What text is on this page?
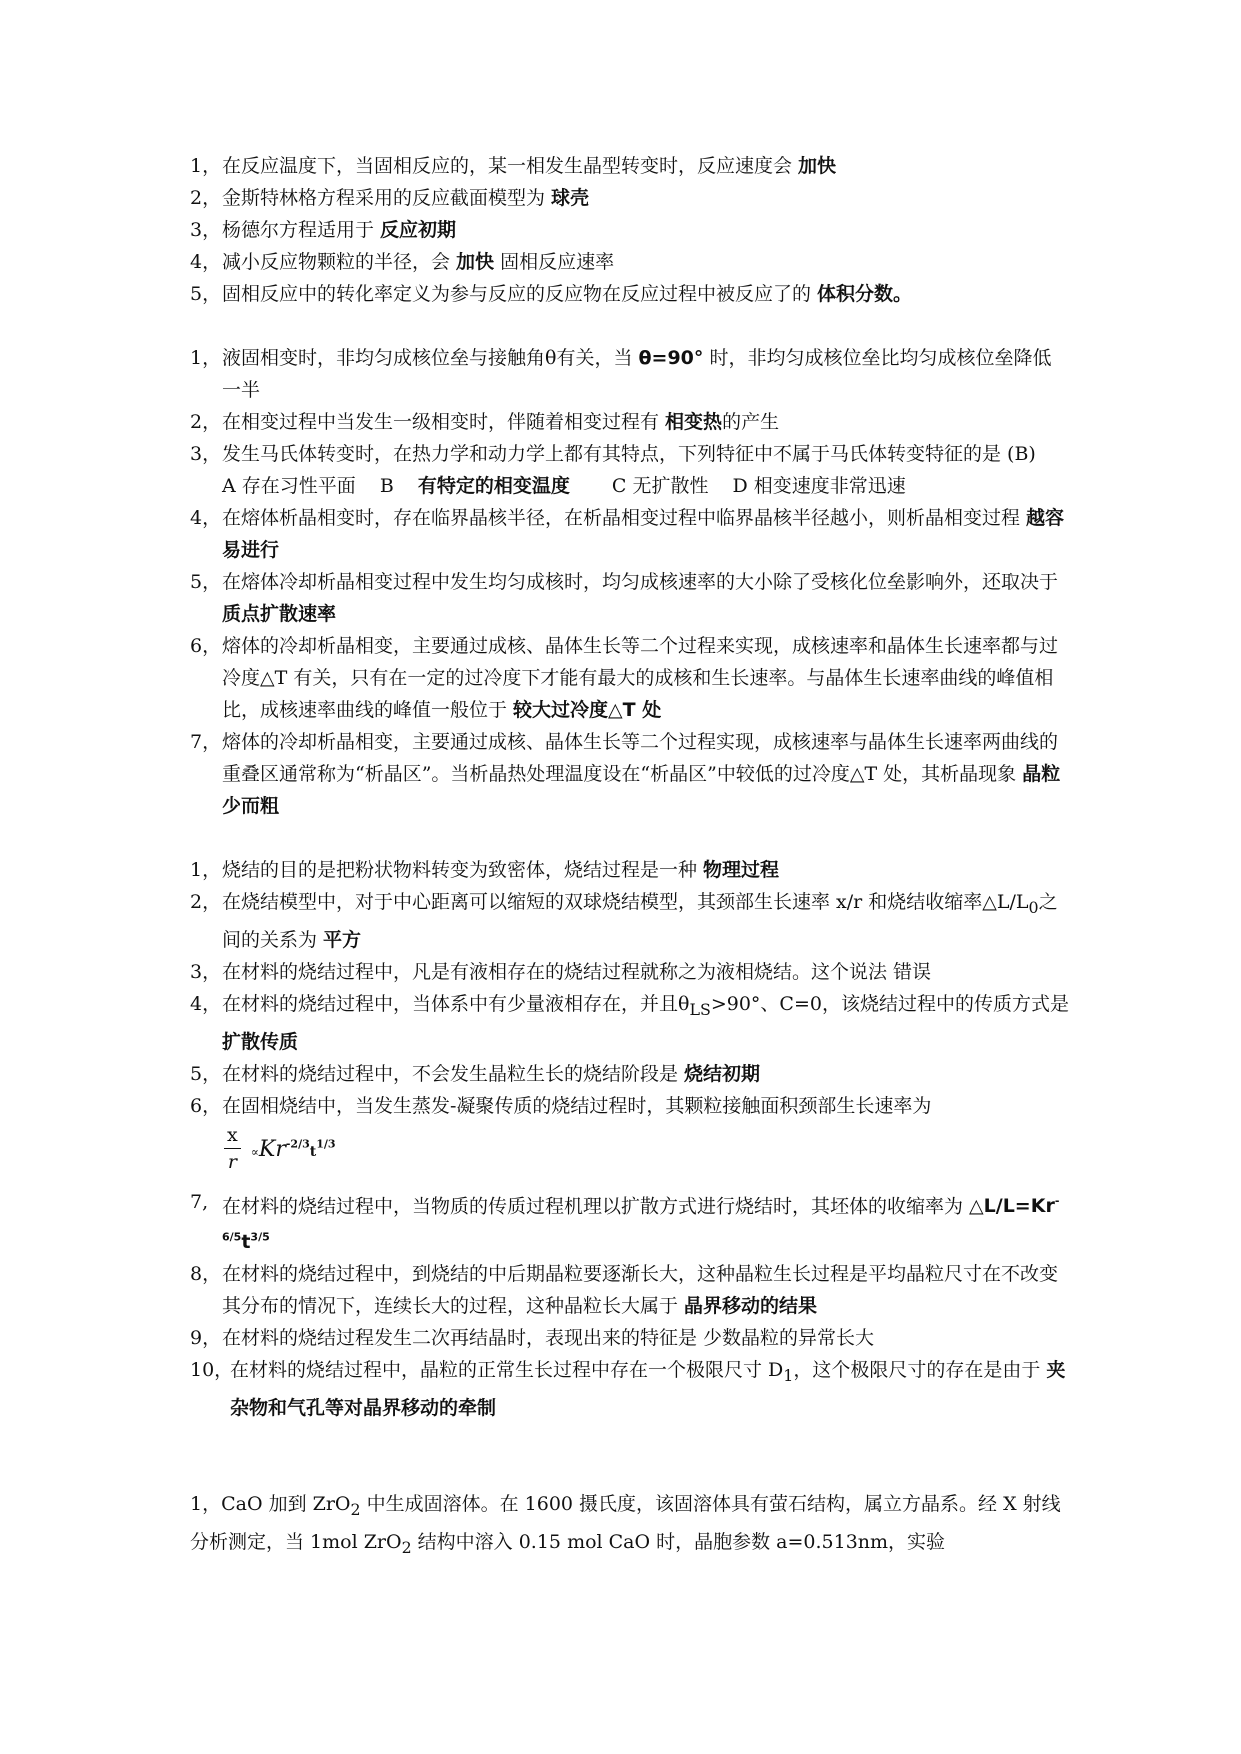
1， 在反应温度下，当固相反应的，某一相发生晶型转变时，反应速度会 加快
2， 金斯特林格方程采用的反应截面模型为 球壳
3， 杨德尔方程适用于 反应初期
4， 减小反应物颗粒的半径，会 加快 固相反应速率
5， 固相反应中的转化率定义为参与反应的反应物在反应过程中被反应了的 体积分数。
1， 液固相变时，非均匀成核位垒与接触角θ有关，当 θ=90° 时，非均匀成核位垒比均匀成核位垒降低一半
2， 在相变过程中当发生一级相变时，伴随着相变过程有 相变热的产生
3， 发生马氏体转变时，在热力学和动力学上都有其特点，下列特征中不属于马氏体转变特征的是 (B)
A 存在习性平面 B 有特定的相变温度 C 无扩散性 D 相变速度非常迅速
4， 在熔体析晶相变时，存在临界晶核半径，在析晶相变过程中临界晶核半径越小，则析晶相变过程 越容易进行
5， 在熔体冷却析晶相变过程中发生均匀成核时，均匀成核速率的大小除了受核化位垒影响外，还取决于 质点扩散速率
6， 熔体的冷却析晶相变，主要通过成核、晶体生长等二个过程来实现，成核速率和晶体生长速率都与过冷度△T 有关，只有在一定的过冷度下才能有最大的成核和生长速率。与晶体生长速率曲线的峰值相比，成核速率曲线的峰值一般位于 较大过冷度△T 处
7， 熔体的冷却析晶相变，主要通过成核、晶体生长等二个过程实现，成核速率与晶体生长速率两曲线的重叠区通常称为“析晶区”。当析晶热处理温度设在“析晶区”中较低的过冷度△T 处，其析晶现象 晶粒少而粗
1， 烧结的目的是把粉状物料转变为致密体，烧结过程是一种 物理过程
2， 在烧结模型中，对于中心距离可以缩短的双球烧结模型，其颈部生长速率 x/r 和烧结收缩率$\triangle L/L_0$之间的关系为 平方
3， 在材料的烧结过程中，凡是有液相存在的烧结过程就称之为液相烧结。这个说法 错误
4， 在材料的烧结过程中，当体系中有少量液相存在，并且$\theta_{LS}>90^\circ$、C=0，该烧结过程中的传质方式是 扩散传质
5， 在材料的烧结过程中，不会发生晶粒生长的烧结阶段是 烧结初期
6， 在固相烧结中，当发生蒸发-凝聚传质的烧结过程时，其颗粒接触面积颈部生长速率为
$\frac{x}{r} \propto Kr^{-2/3}t^{1/3}$
7, 在材料的烧结过程中，当物质的传质过程机理以扩散方式进行烧结时，其坯体的收缩率为 $\triangle L/L=Kr^{-6/5}t^{3/5}$
8， 在材料的烧结过程中，到烧结的中后期晶粒要逐渐长大，这种晶粒生长过程是平均晶粒尺寸在不改变其分布的情况下，连续长大的过程，这种晶粒长大属于 晶界移动的结果
9， 在材料的烧结过程发生二次再结晶时，表现出来的特征是 少数晶粒的异常长大
10，
在材料的烧结过程中，晶粒的正常生长过程中存在一个极限尺寸 $D_1$，这个极限尺寸的存在是由于 夹杂物和气孔等对晶界移动的牵制
1，CaO 加到 ZrO$_2$ 中生成固溶体。在 1600 摄氏度，该固溶体具有萤石结构，属立方晶系。经 X 射线分析测定，当 1mol ZrO$_2$ 结构中溶入 0.15 mol CaO 时，晶胞参数 a=0.513nm，实验
